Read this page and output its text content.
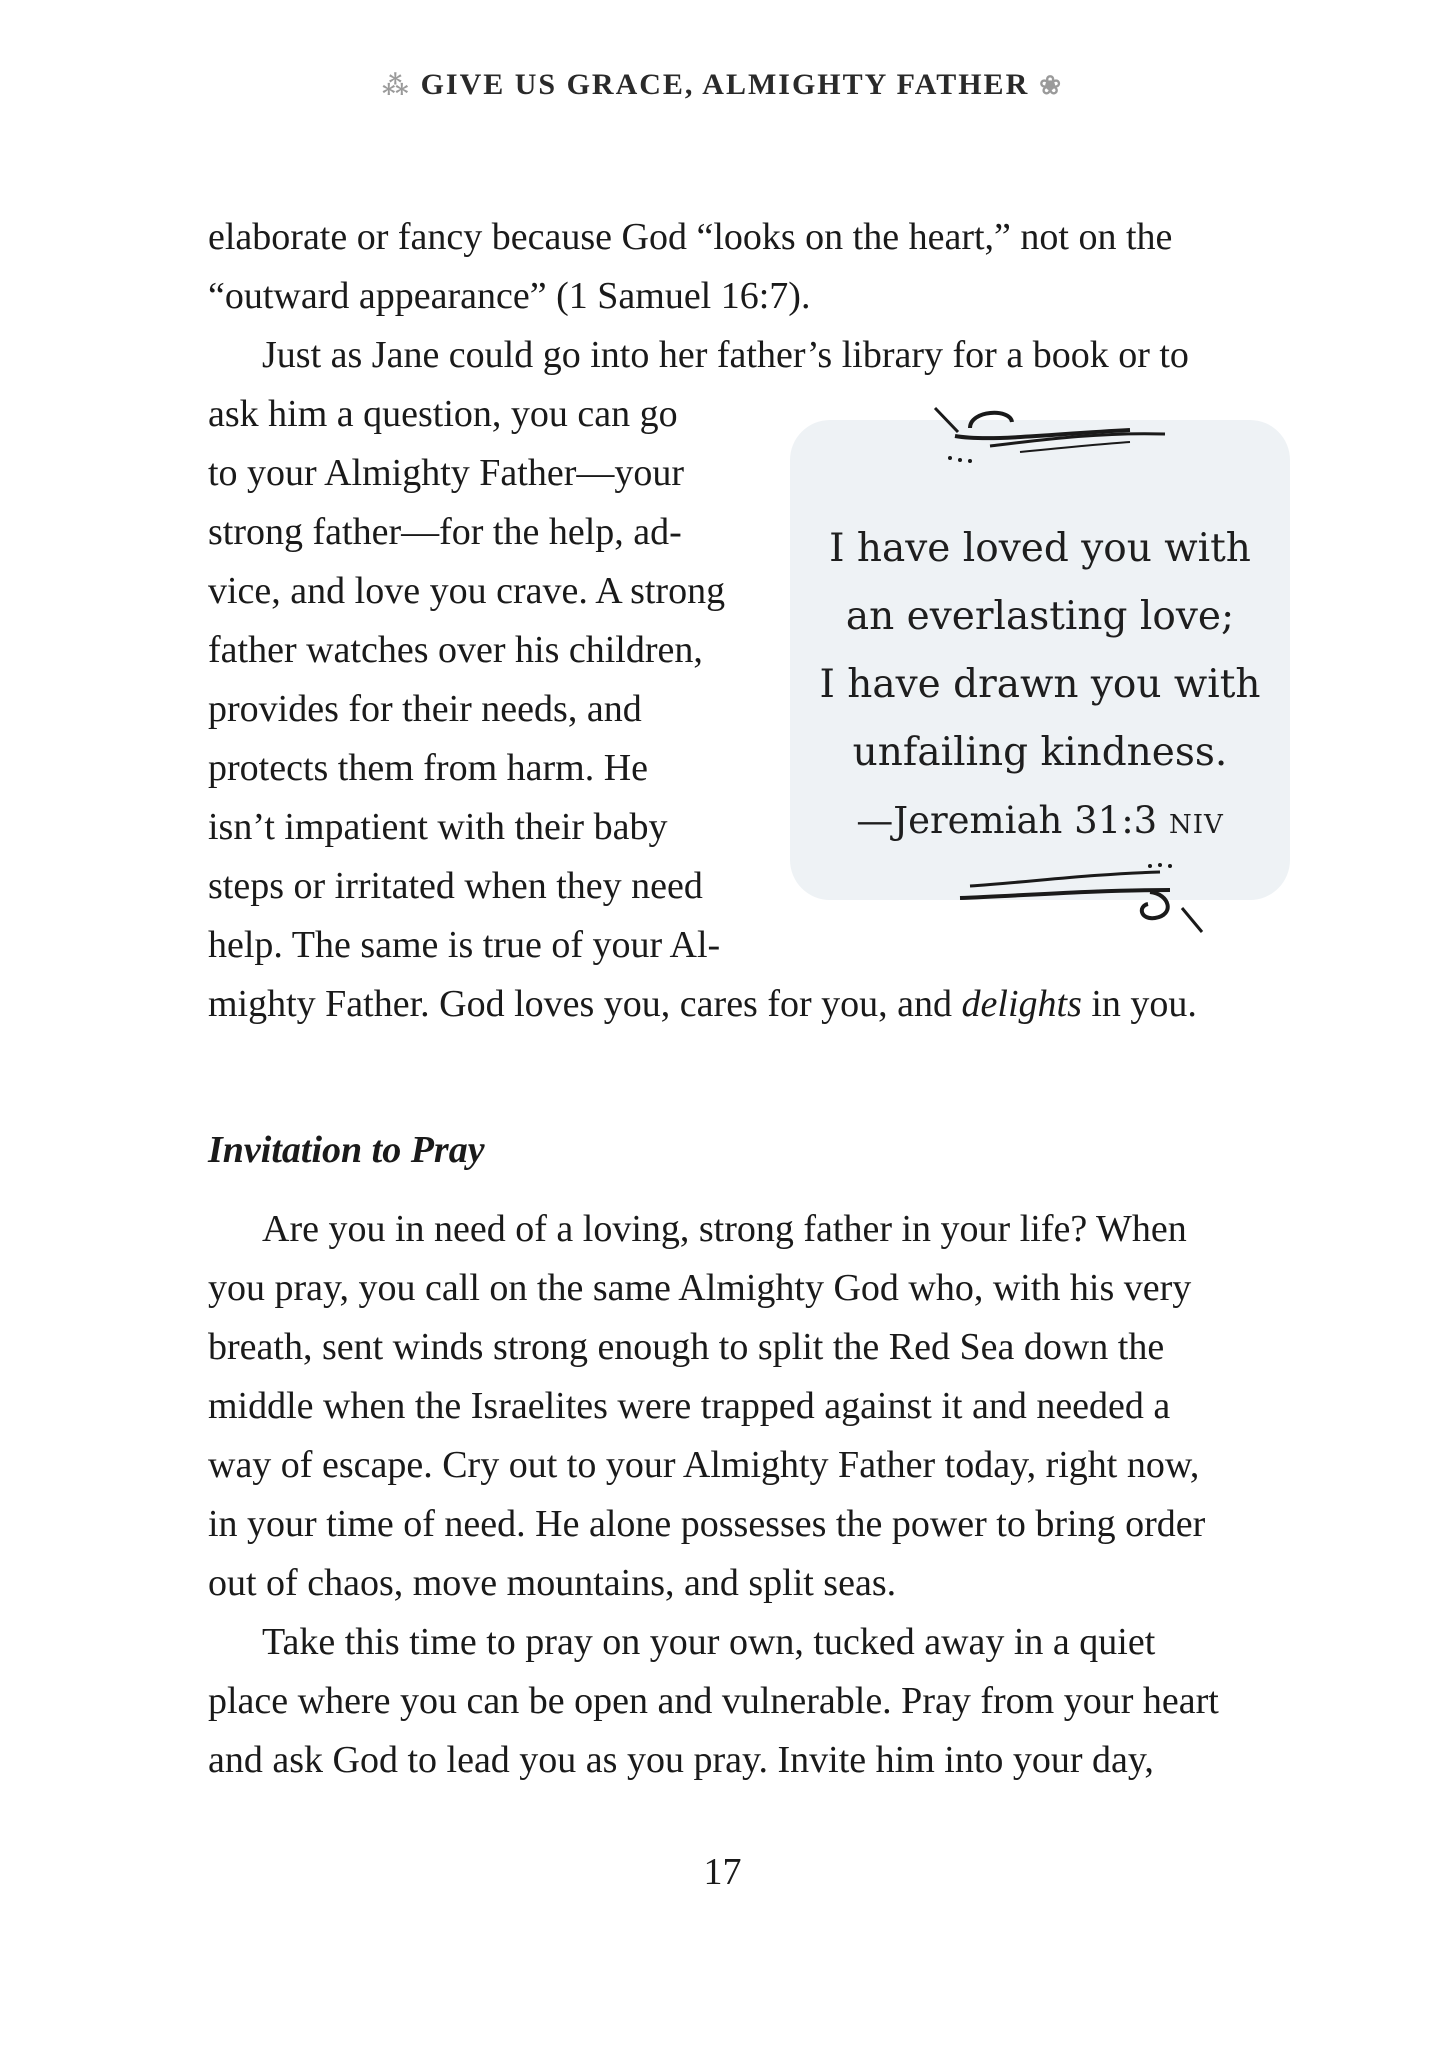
⁂ GIVE US GRACE, ALMIGHTY FATHER ❀
elaborate or fancy because God “looks on the heart,” not on the
“outward appearance” (1 Samuel 16:7).
Just as Jane could go into her father’s library for a book or to
ask him a question, you can go
to your Almighty Father—your
strong father—for the help, ad-
vice, and love you crave. A strong
father watches over his children,
provides for their needs, and
protects them from harm. He
isn’t impatient with their baby
steps or irritated when they need
help. The same is true of your Al-
mighty Father. God loves you, cares for you, and delights in you.
I have loved you with
an everlasting love;
I have drawn you with
unfailing kindness.
—Jeremiah 31:3 NIV
Invitation to Pray
Are you in need of a loving, strong father in your life? When
you pray, you call on the same Almighty God who, with his very
breath, sent winds strong enough to split the Red Sea down the
middle when the Israelites were trapped against it and needed a
way of escape. Cry out to your Almighty Father today, right now,
in your time of need. He alone possesses the power to bring order
out of chaos, move mountains, and split seas.
Take this time to pray on your own, tucked away in a quiet
place where you can be open and vulnerable. Pray from your heart
and ask God to lead you as you pray. Invite him into your day,
17
